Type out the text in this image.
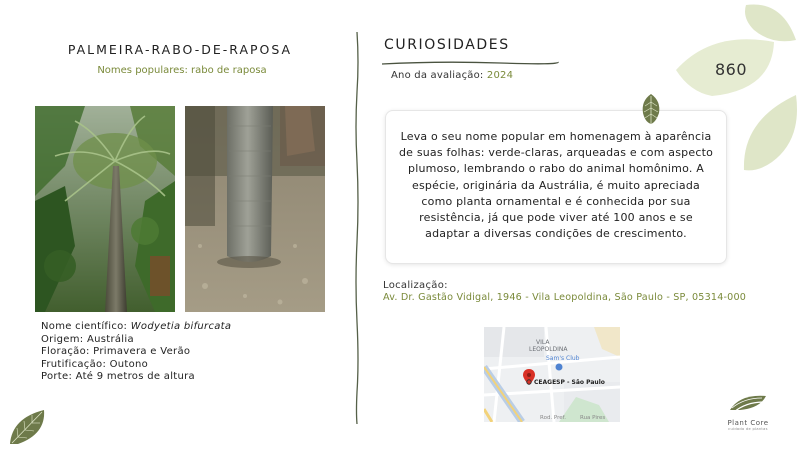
PALMEIRA-RABO-DE-RAPOSA
Nomes populares: rabo de raposa
Nome científico: Wodyetia bifurcata
Origem: Austrália
Floração: Primavera e Verão
Frutificação: Outono
Porte: Até 9 metros de altura
CURIOSIDADES
Ano da avaliação: 2024
Leva o seu nome popular em homenagem à aparência de suas folhas: verde-claras, arqueadas e com aspecto plumoso, lembrando o rabo do animal homônimo. A espécie, originária da Austrália, é muito apreciada como planta ornamental e é conhecida por sua resistência, já que pode viver até 100 anos e se adaptar a diversas condições de crescimento.
Localização:
Av. Dr. Gastão Vidigal, 1946 - Vila Leopoldina, São Paulo - SP, 05314-000
VILA
LEOPOLDINA
Sam's Club
CEAGESP - São Paulo
Rod. Pref.	Rua Pires
860
Plant Core
cuidado de plantas
